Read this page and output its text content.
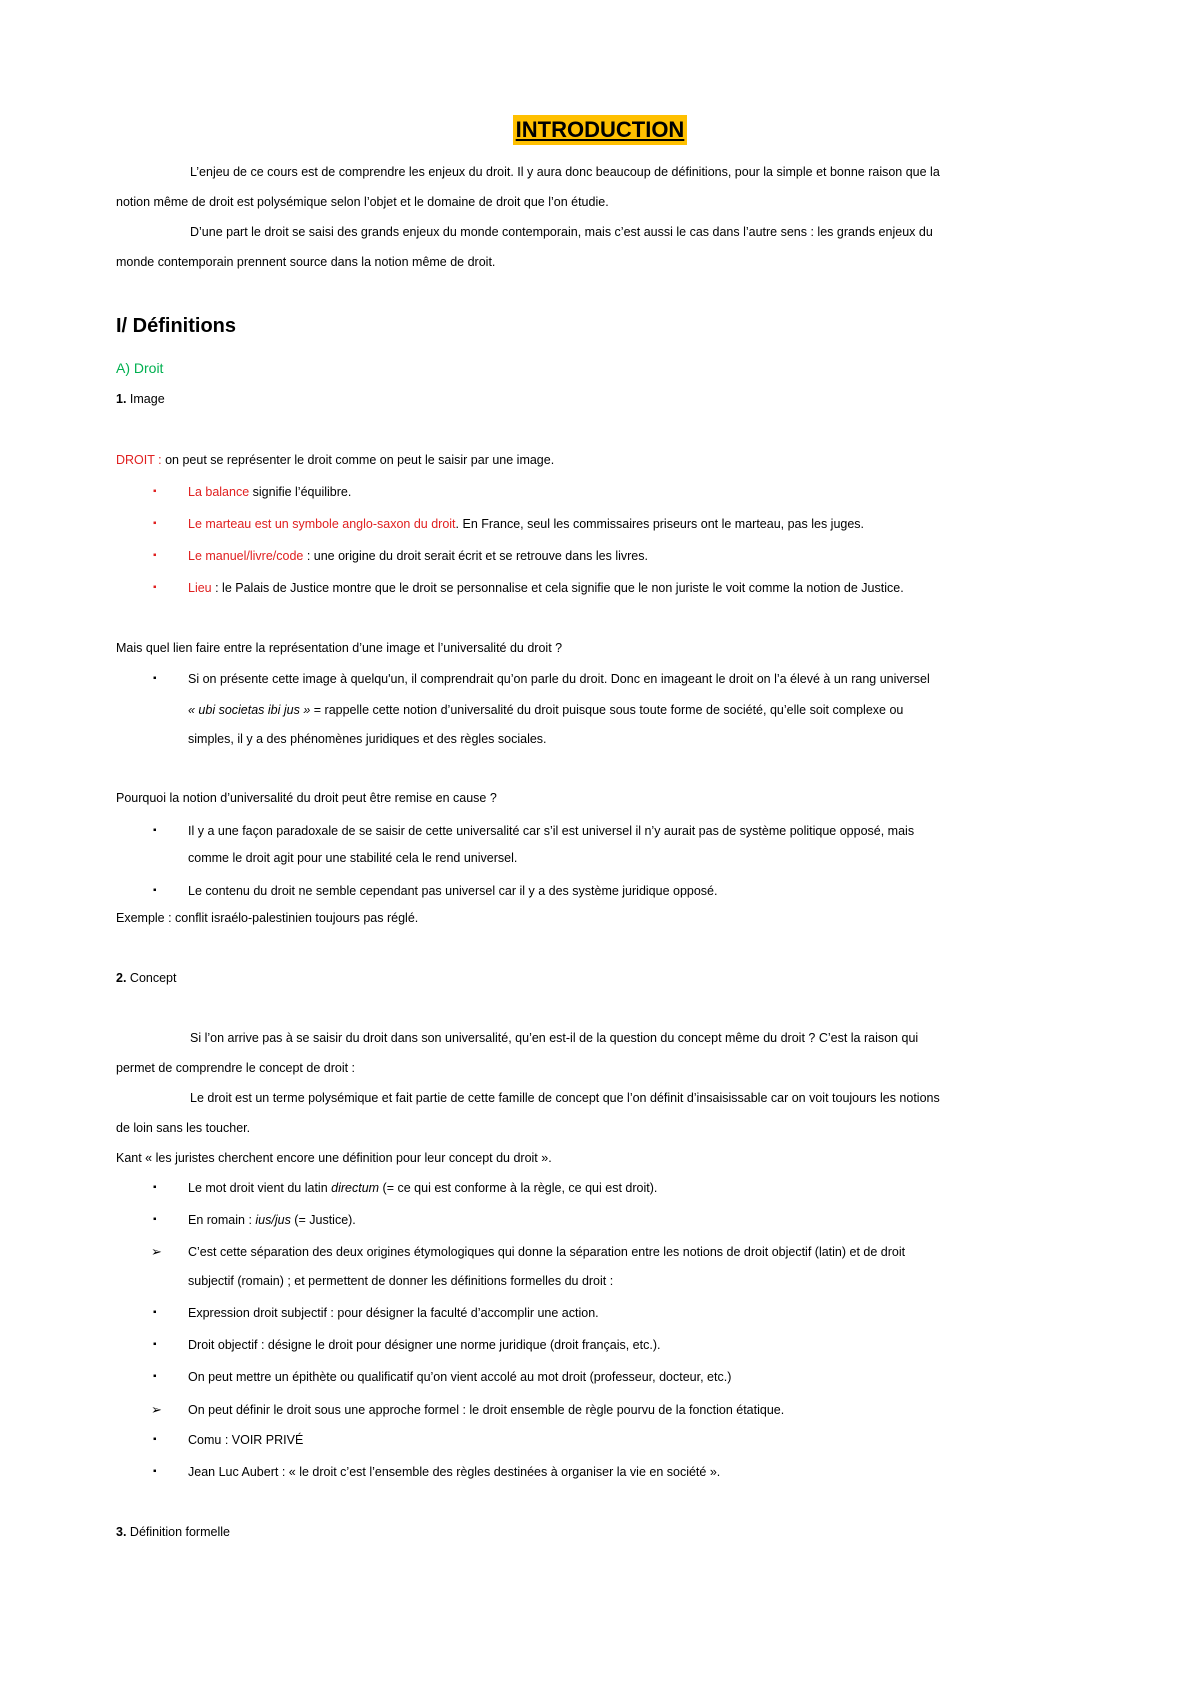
INTRODUCTION
L’enjeu de ce cours est de comprendre les enjeux du droit. Il y aura donc beaucoup de définitions, pour la simple et bonne raison que la
notion même de droit est polysémique selon l’objet et le domaine de droit que l’on étudie.
D’une part le droit se saisi des grands enjeux du monde contemporain, mais c’est aussi le cas dans l’autre sens : les grands enjeux du
monde contemporain prennent source dans la notion même de droit.
I/ Définitions
A) Droit
1. Image
DROIT : on peut se représenter le droit comme on peut le saisir par une image.
▪	La balance signifie l’équilibre.
▪	Le marteau est un symbole anglo-saxon du droit. En France, seul les commissaires priseurs ont le marteau, pas les juges.
▪	Le manuel/livre/code : une origine du droit serait écrit et se retrouve dans les livres.
▪	Lieu : le Palais de Justice montre que le droit se personnalise et cela signifie que le non juriste le voit comme la notion de Justice.
Mais quel lien faire entre la représentation d’une image et l’universalité du droit ?
▪	Si on présente cette image à quelqu'un, il comprendrait qu’on parle du droit. Donc en imageant le droit on l’a élevé à un rang universel
« ubi societas ibi jus » = rappelle cette notion d’universalité du droit puisque sous toute forme de société, qu’elle soit complexe ou
simples, il y a des phénomènes juridiques et des règles sociales.
Pourquoi la notion d’universalité du droit peut être remise en cause ?
▪	Il y a une façon paradoxale de se saisir de cette universalité car s’il est universel il n’y aurait pas de système politique opposé, mais
comme le droit agit pour une stabilité cela le rend universel.
▪	Le contenu du droit ne semble cependant pas universel car il y a des système juridique opposé.
Exemple : conflit israélo-palestinien toujours pas réglé.
2. Concept
Si l’on arrive pas à se saisir du droit dans son universalité, qu’en est-il de la question du concept même du droit ? C’est la raison qui
permet de comprendre le concept de droit :
Le droit est un terme polysémique et fait partie de cette famille de concept que l’on définit d’insaisissable car on voit toujours les notions
de loin sans les toucher.
Kant « les juristes cherchent encore une définition pour leur concept du droit ».
▪	Le mot droit vient du latin directum (= ce qui est conforme à la règle, ce qui est droit).
▪	En romain : ius/jus (= Justice).
➢ C’est cette séparation des deux origines étymologiques qui donne la séparation entre les notions de droit objectif (latin) et de droit
subjectif (romain) ; et permettent de donner les définitions formelles du droit :
▪	Expression droit subjectif : pour désigner la faculté d’accomplir une action.
▪	Droit objectif : désigne le droit pour désigner une norme juridique (droit français, etc.).
▪	On peut mettre un épithète ou qualificatif qu’on vient accolé au mot droit (professeur, docteur, etc.)
➢ On peut définir le droit sous une approche formel : le droit ensemble de règle pourvu de la fonction étatique.
▪	Comu : VOIR PRIVÉ
▪	Jean Luc Aubert : « le droit c’est l’ensemble des règles destinées à organiser la vie en société ».
3. Définition formelle
